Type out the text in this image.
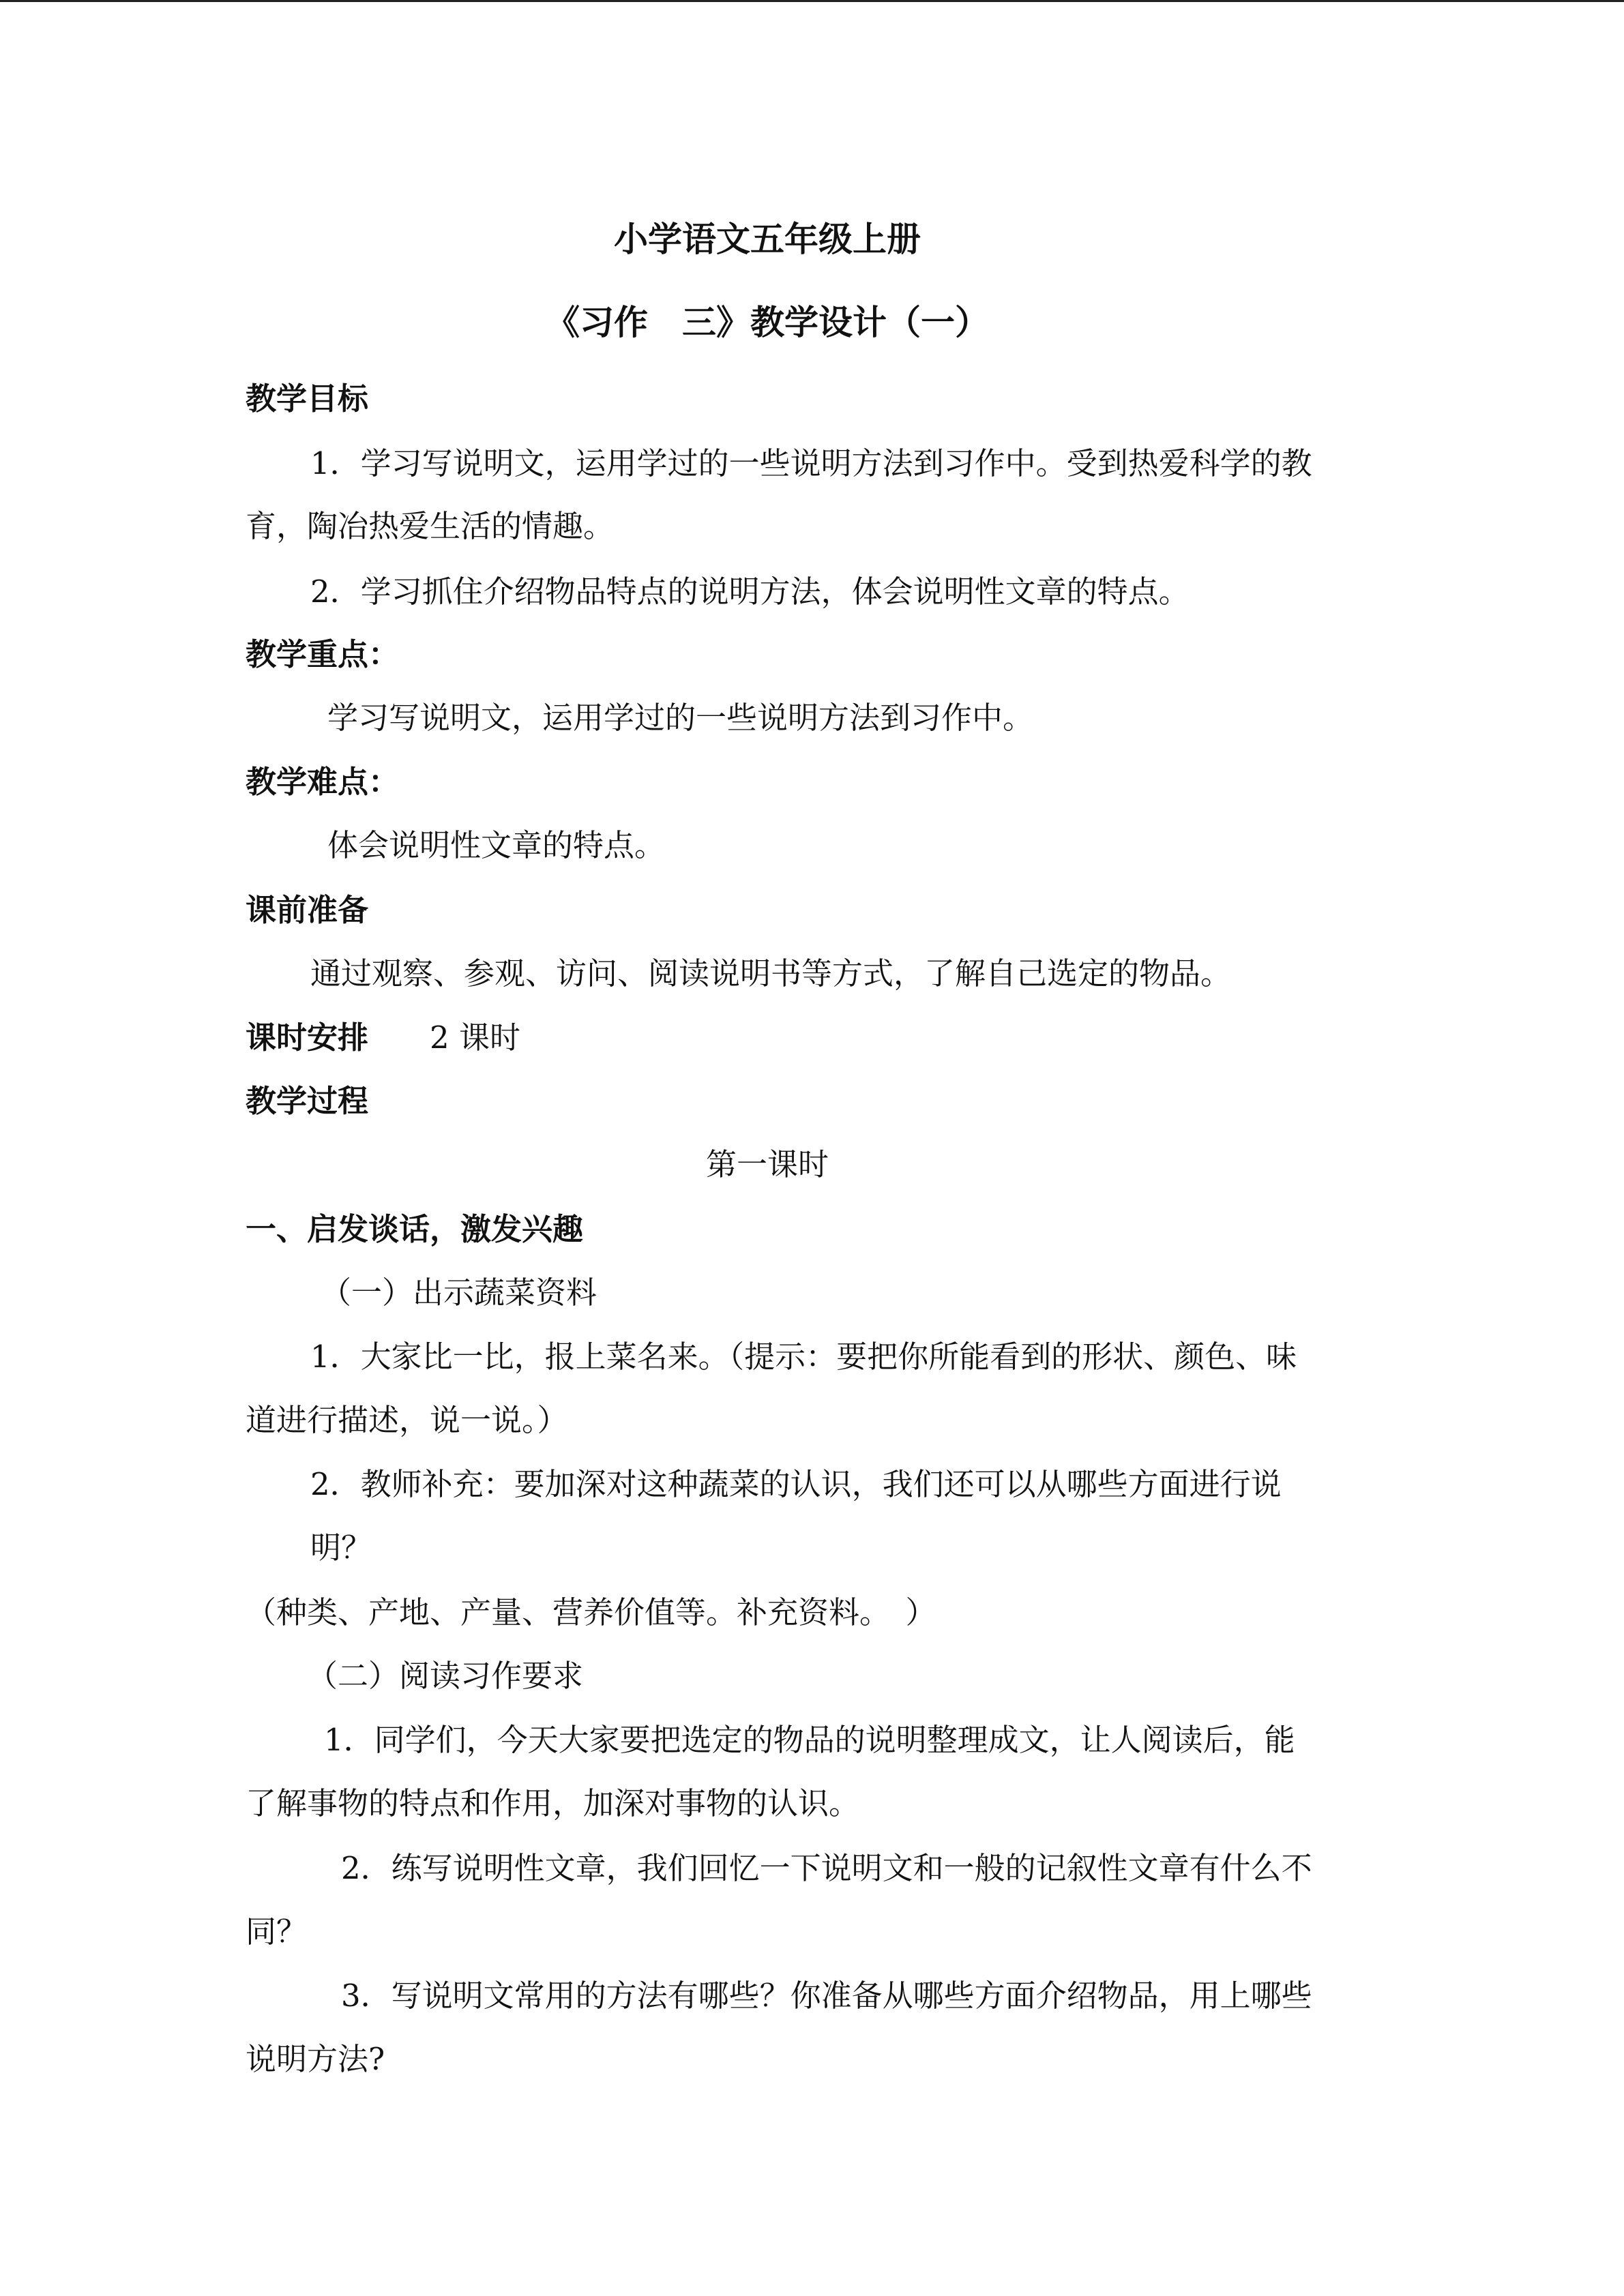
小学语文五年级上册
《习作　三》教学设计（一）
教学目标
1．学习写说明文，运用学过的一些说明方法到习作中。受到热爱科学的教
育，陶冶热爱生活的情趣。
2．学习抓住介绍物品特点的说明方法，体会说明性文章的特点。
教学重点：
学习写说明文，运用学过的一些说明方法到习作中。
教学难点：
体会说明性文章的特点。
课前准备
通过观察、参观、访问、阅读说明书等方式，了解自己选定的物品。
课时安排 2 课时
教学过程
第一课时
一、启发谈话，激发兴趣
（一）出示蔬菜资料
1．大家比一比，报上菜名来。（提示：要把你所能看到的形状、颜色、味
道进行描述，说一说。）
2．教师补充：要加深对这种蔬菜的认识，我们还可以从哪些方面进行说
明？
（种类、产地、产量、营养价值等。补充资料。　）
（二）阅读习作要求
1．同学们，今天大家要把选定的物品的说明整理成文，让人阅读后，能
了解事物的特点和作用，加深对事物的认识。
2．练写说明性文章，我们回忆一下说明文和一般的记叙性文章有什么不
同？
3．写说明文常用的方法有哪些？你准备从哪些方面介绍物品，用上哪些
说明方法?
